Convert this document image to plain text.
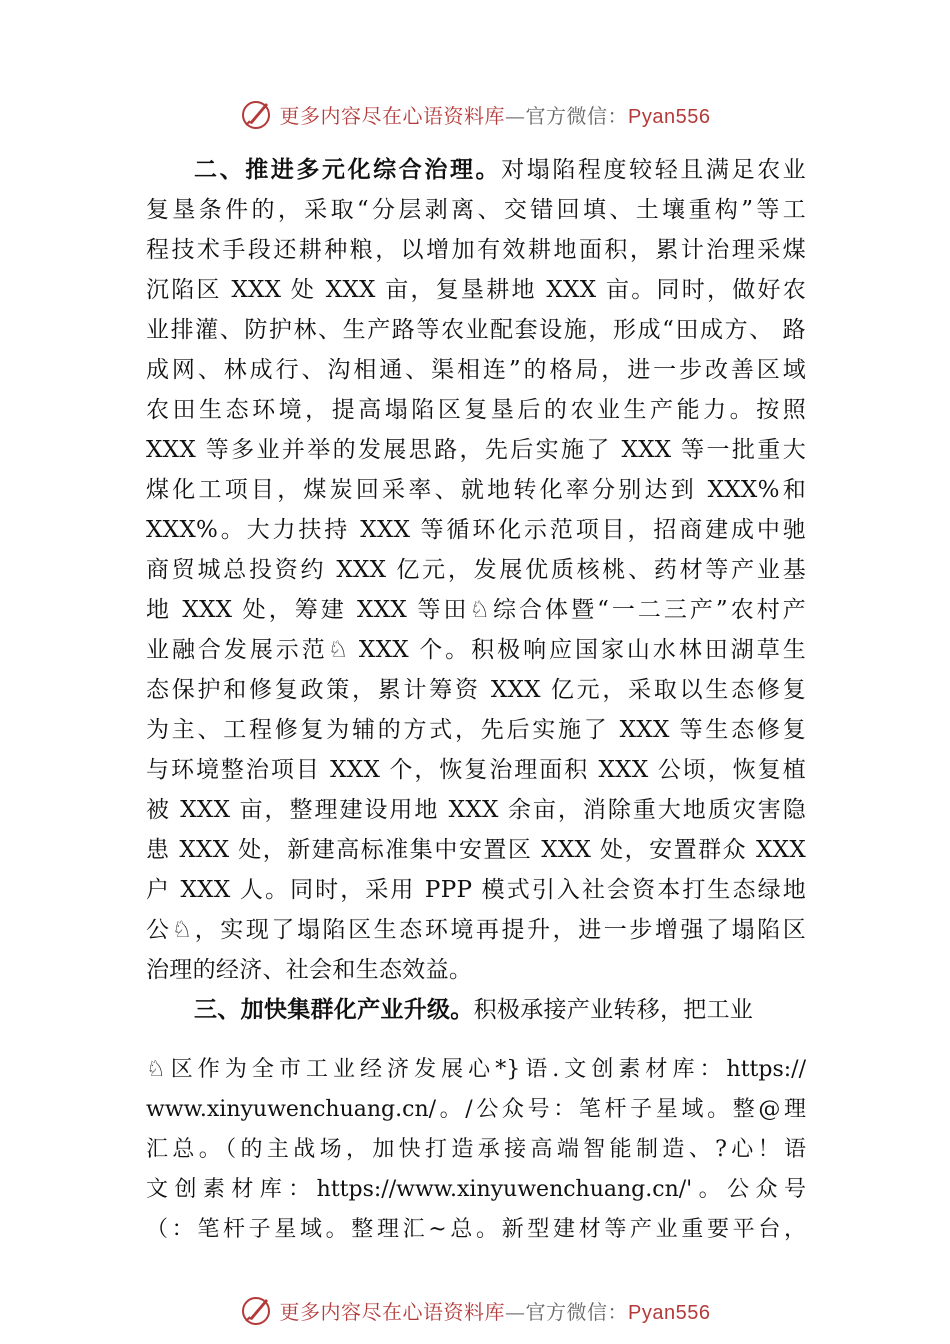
更多内容尽在心语资料库—官方微信：Pyan556
二、推进多元化综合治理。对塌陷程度较轻且满足农业
复垦条件的，采取“分层剥离、交错回填、土壤重构”等工
程技术手段还耕种粮，以增加有效耕地面积，累计治理采煤
沉陷区 XXX 处 XXX 亩，复垦耕地 XXX 亩。同时，做好农
业排灌、防护林、生产路等农业配套设施，形成“田成方、 路
成网、林成行、沟相通、渠相连”的格局，进一步改善区域
农田生态环境，提高塌陷区复垦后的农业生产能力。按照
XXX 等多业并举的发展思路，先后实施了 XXX 等一批重大
煤化工项目，煤炭回采率、就地转化率分别达到 XXX%和
XXX%。大力扶持 XXX 等循环化示范项目，招商建成中驰
商贸城总投资约 XXX 亿元，发展优质核桃、药材等产业基
地 XXX 处，筹建 XXX 等田♘综合体暨“一二三产”农村产
业融合发展示范♘ XXX 个。积极响应国家山水林田湖草生
态保护和修复政策，累计筹资 XXX 亿元，采取以生态修复
为主、工程修复为辅的方式，先后实施了 XXX 等生态修复
与环境整治项目 XXX 个，恢复治理面积 XXX 公顷，恢复植
被 XXX 亩，整理建设用地 XXX 余亩，消除重大地质灾害隐
患 XXX 处，新建高标准集中安置区 XXX 处，安置群众 XXX
户 XXX 人。同时，采用 PPP 模式引入社会资本打生态绿地
公♘，实现了塌陷区生态环境再提升，进一步增强了塌陷区
治理的经济、社会和生态效益。
三、加快集群化产业升级。积极承接产业转移，把工业
♘区作为全市工业经济发展心*}语.文创素材库：https://
www.xinyuwenchuang.cn/。/公众号：笔杆子星域。整@理
汇总。（的主战场，加快打造承接高端智能制造、?心！语
文创素材库：https://www.xinyuwenchuang.cn/'。公众号
（：笔杆子星域。整理汇~总。新型建材等产业重要平台，
更多内容尽在心语资料库—官方微信：Pyan556
